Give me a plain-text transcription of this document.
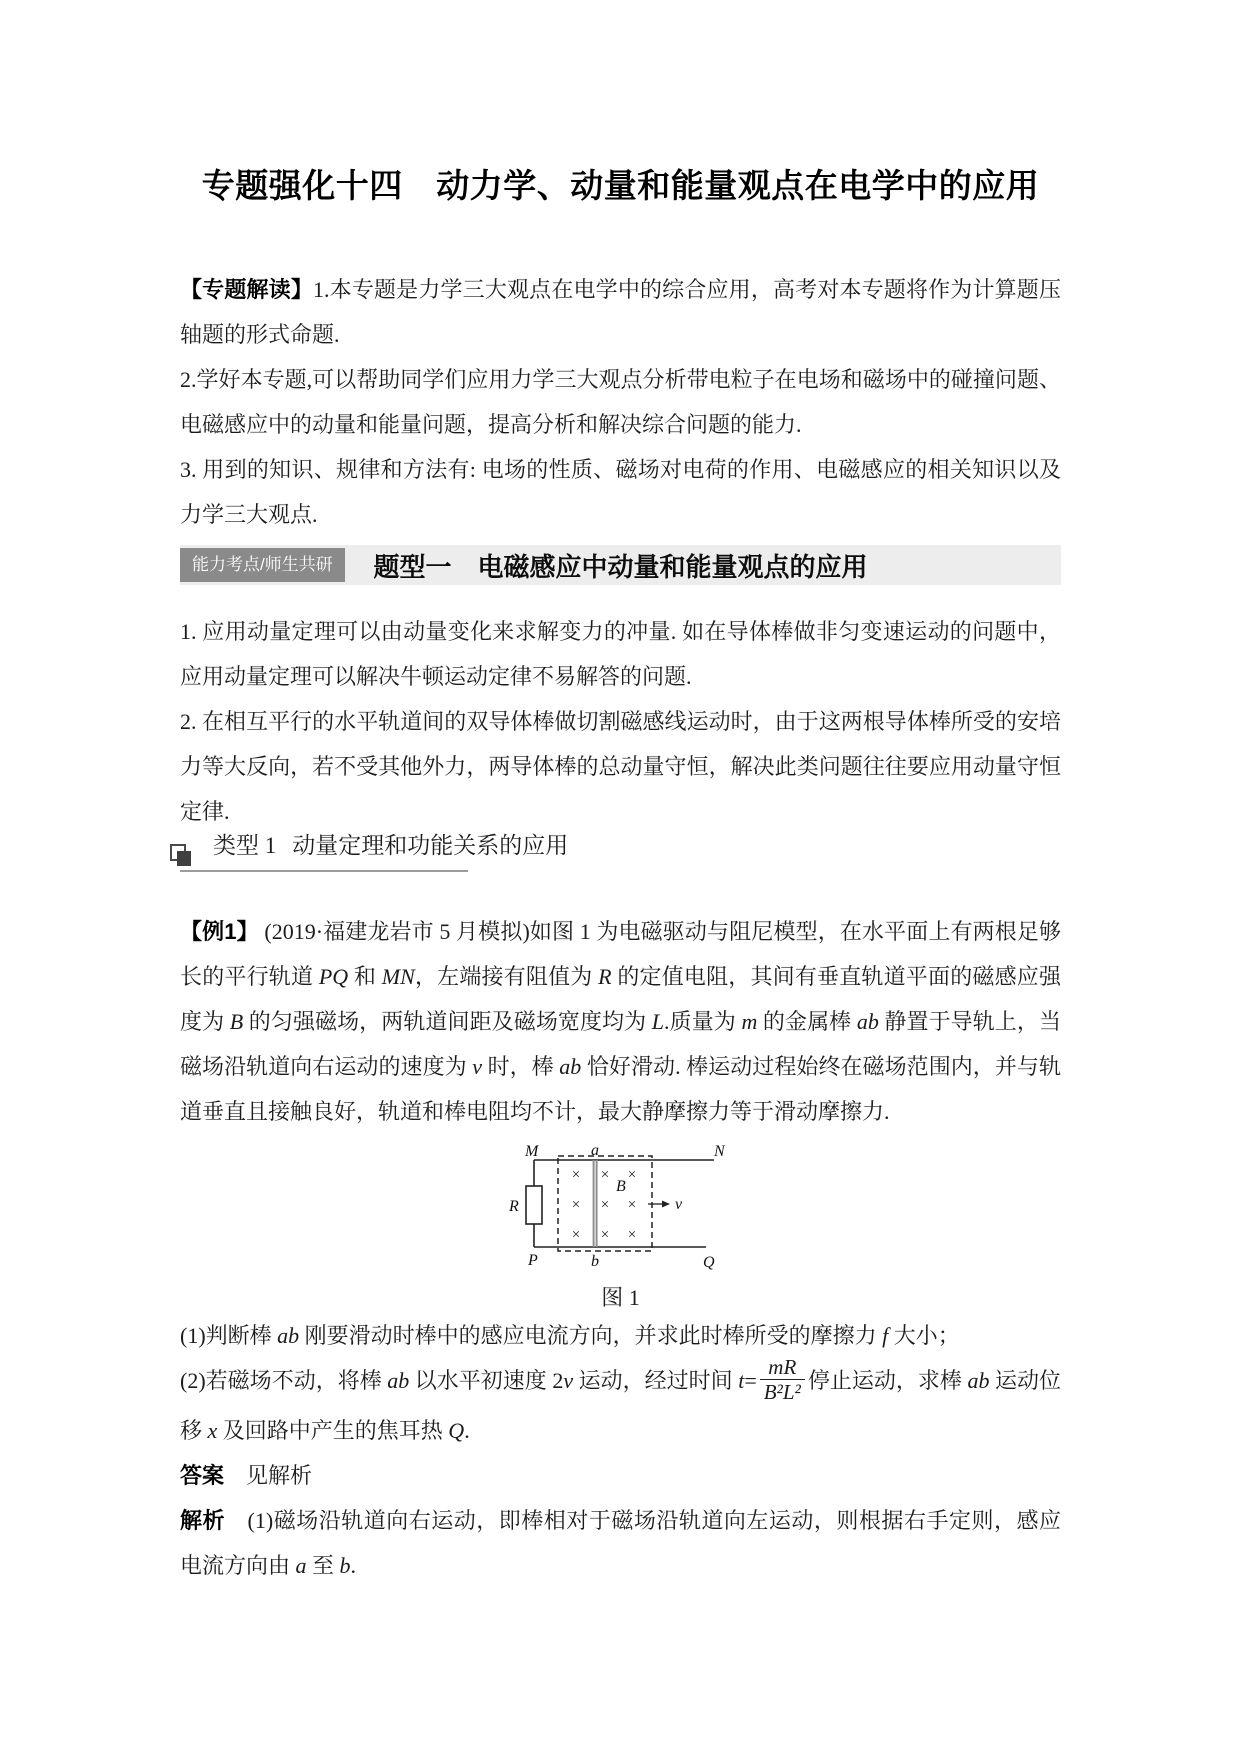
专题强化十四　动力学、动量和能量观点在电学中的应用

【专题解读】1.本专题是力学三大观点在电学中的综合应用，高考对本专题将作为计算题压轴题的形式命题.

2.学好本专题,可以帮助同学们应用力学三大观点分析带电粒子在电场和磁场中的碰撞问题、电磁感应中的动量和能量问题，提高分析和解决综合问题的能力.

3. 用到的知识、规律和方法有: 电场的性质、磁场对电荷的作用、电磁感应的相关知识以及力学三大观点.

能力考点/师生共研	题型一　电磁感应中动量和能量观点的应用

1. 应用动量定理可以由动量变化来求解变力的冲量. 如在导体棒做非匀变速运动的问题中，应用动量定理可以解决牛顿运动定律不易解答的问题.

2. 在相互平行的水平轨道间的双导体棒做切割磁感线运动时，由于这两根导体棒所受的安培力等大反向，若不受其他外力，两导体棒的总动量守恒，解决此类问题往往要应用动量守恒定律.

类型 1 动量定理和功能关系的应用

【例1】 (2019·福建龙岩市 5 月模拟)如图 1 为电磁驱动与阻尼模型，在水平面上有两根足够长的平行轨道 PQ 和 MN，左端接有阻值为 R 的定值电阻，其间有垂直轨道平面的磁感应强度为 B 的匀强磁场，两轨道间距及磁场宽度均为 L.质量为 m 的金属棒 ab 静置于导轨上，当磁场沿轨道向右运动的速度为 v 时，棒 ab 恰好滑动. 棒运动过程始终在磁场范围内，并与轨道垂直且接触良好，轨道和棒电阻均不计，最大静摩擦力等于滑动摩擦力.

× × ×
× × ×
× × ×
M	a	N
R
B
v
P	b	Q
图 1

(1)判断棒 ab 刚要滑动时棒中的感应电流方向，并求此时棒所受的摩擦力 f 大小；

(2)若磁场不动，将棒 ab 以水平初速度 2v 运动，经过时间 $t= \frac{mR}{\text{B²L²}}$ 停止运动，求棒 ab 运动位移 x 及回路中产生的焦耳热 Q.

答案　见解析

解析　(1)磁场沿轨道向右运动，即棒相对于磁场沿轨道向左运动，则根据右手定则，感应电流方向由 a 至 b.
